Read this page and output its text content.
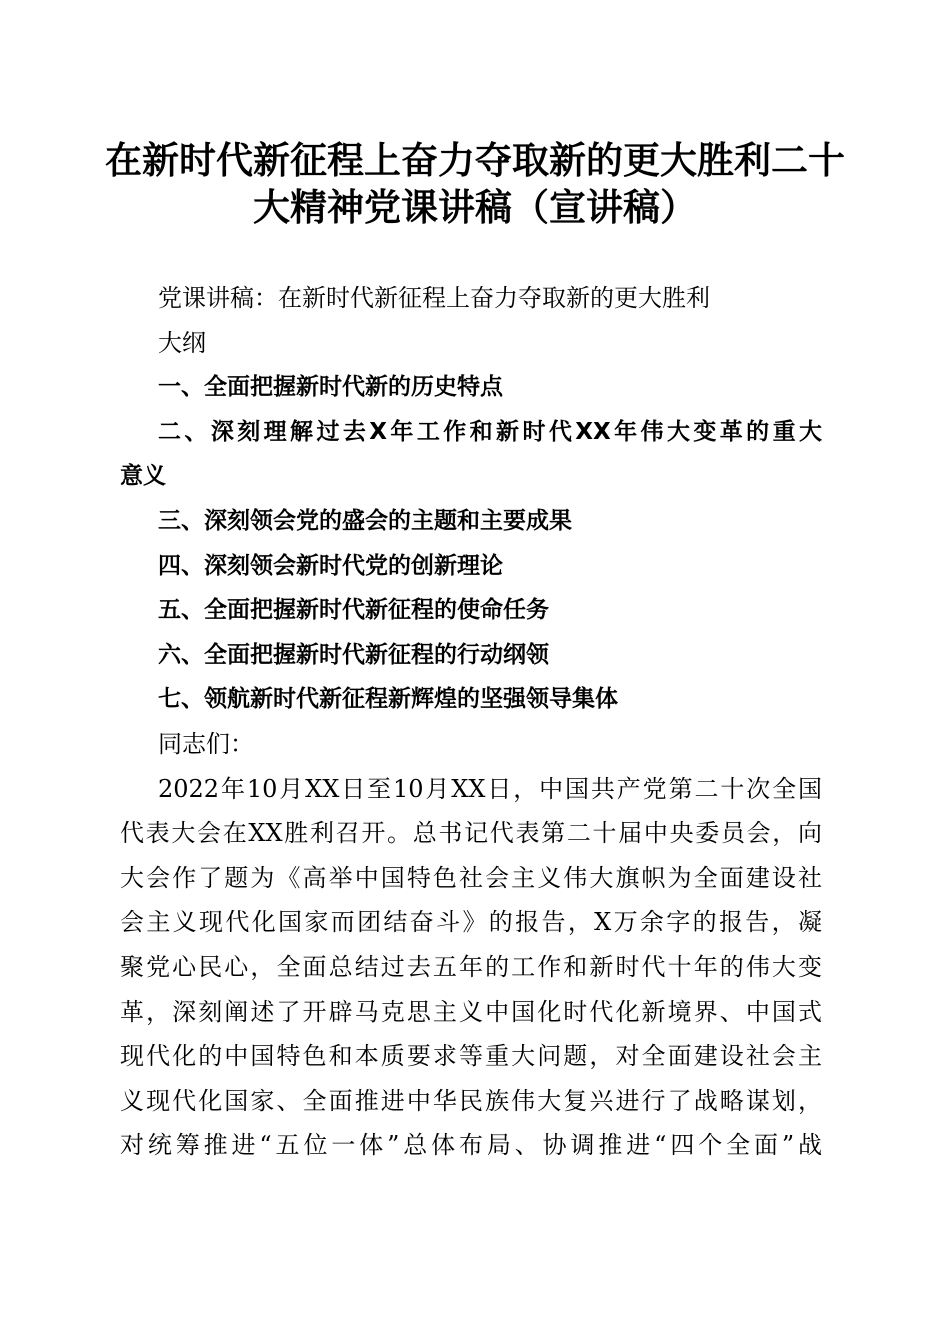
在新时代新征程上奋力夺取新的更大胜利二十
大精神党课讲稿（宣讲稿）
党课讲稿：在新时代新征程上奋力夺取新的更大胜利
大纲
一、全面把握新时代新的历史特点
二、深刻理解过去X年工作和新时代XX年伟大变革的重大
意义
三、深刻领会党的盛会的主题和主要成果
四、深刻领会新时代党的创新理论
五、全面把握新时代新征程的使命任务
六、全面把握新时代新征程的行动纲领
七、领航新时代新征程新辉煌的坚强领导集体
同志们：
2022年10月XX日至10月XX日，中国共产党第二十次全国
代表大会在XX胜利召开。总书记代表第二十届中央委员会，向
大会作了题为《高举中国特色社会主义伟大旗帜为全面建设社
会主义现代化国家而团结奋斗》的报告，X万余字的报告，凝
聚党心民心，全面总结过去五年的工作和新时代十年的伟大变
革，深刻阐述了开辟马克思主义中国化时代化新境界、中国式
现代化的中国特色和本质要求等重大问题，对全面建设社会主
义现代化国家、全面推进中华民族伟大复兴进行了战略谋划，
对统筹推进“五位一体”总体布局、协调推进“四个全面”战
